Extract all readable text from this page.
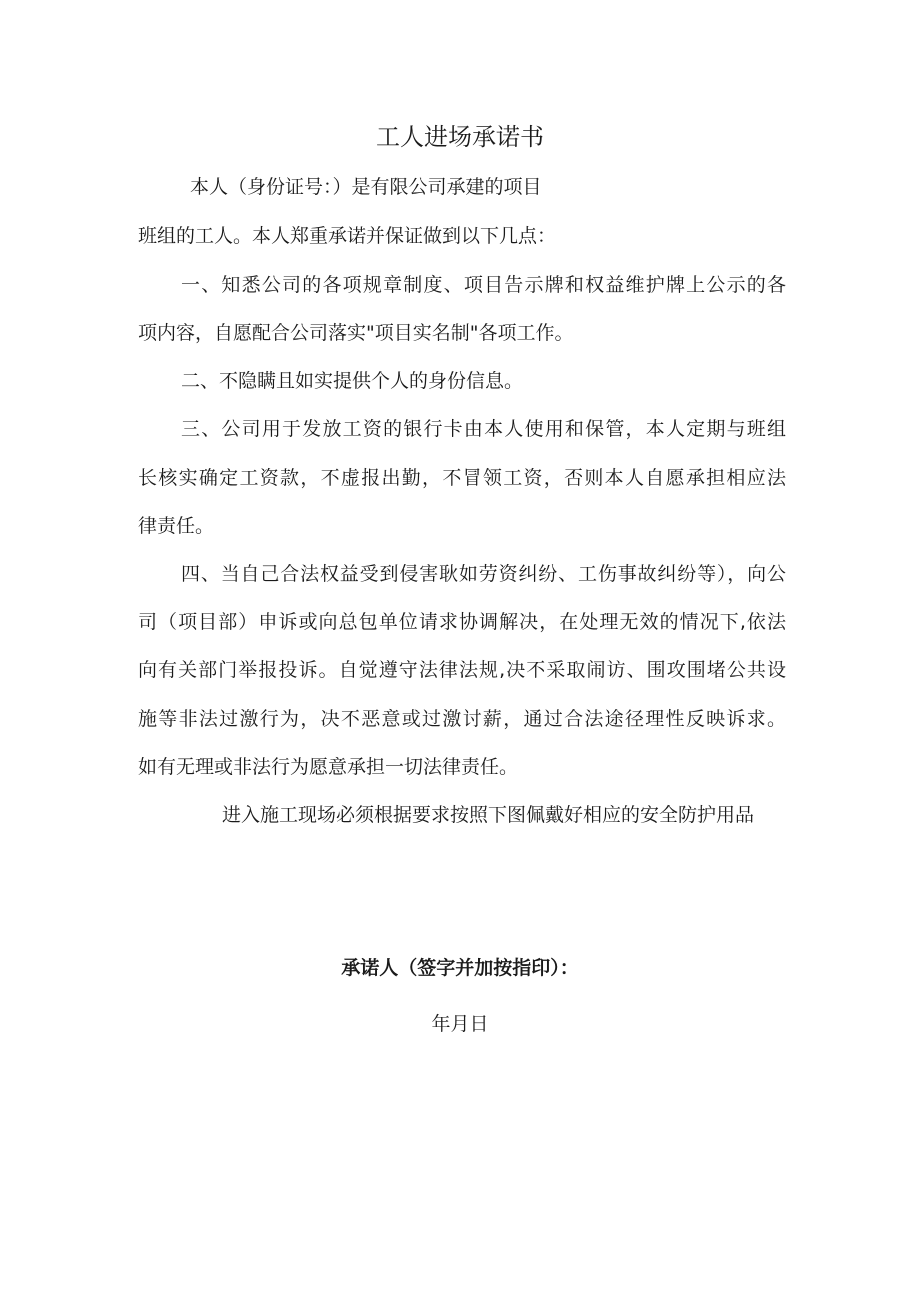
工人进场承诺书
本人（身份证号：）是有限公司承建的项目
班组的工人。本人郑重承诺并保证做到以下几点：
一、知悉公司的各项规章制度、项目告示牌和权益维护牌上公示的各
项内容，自愿配合公司落实"项目实名制"各项工作。
二、不隐瞒且如实提供个人的身份信息。
三、公司用于发放工资的银行卡由本人使用和保管，本人定期与班组
长核实确定工资款，不虚报出勤，不冒领工资，否则本人自愿承担相应法
律责任。
四、当自己合法权益受到侵害耿如劳资纠纷、工伤事故纠纷等），向公
司（项目部）申诉或向总包单位请求协调解决，在处理无效的情况下,依法
向有关部门举报投诉。自觉遵守法律法规,决不采取闹访、围攻围堵公共设
施等非法过激行为，决不恶意或过激讨薪，通过合法途径理性反映诉求。
如有无理或非法行为愿意承担一切法律责任。
进入施工现场必须根据要求按照下图佩戴好相应的安全防护用品
承诺人（签字并加按指印）：
年月日
